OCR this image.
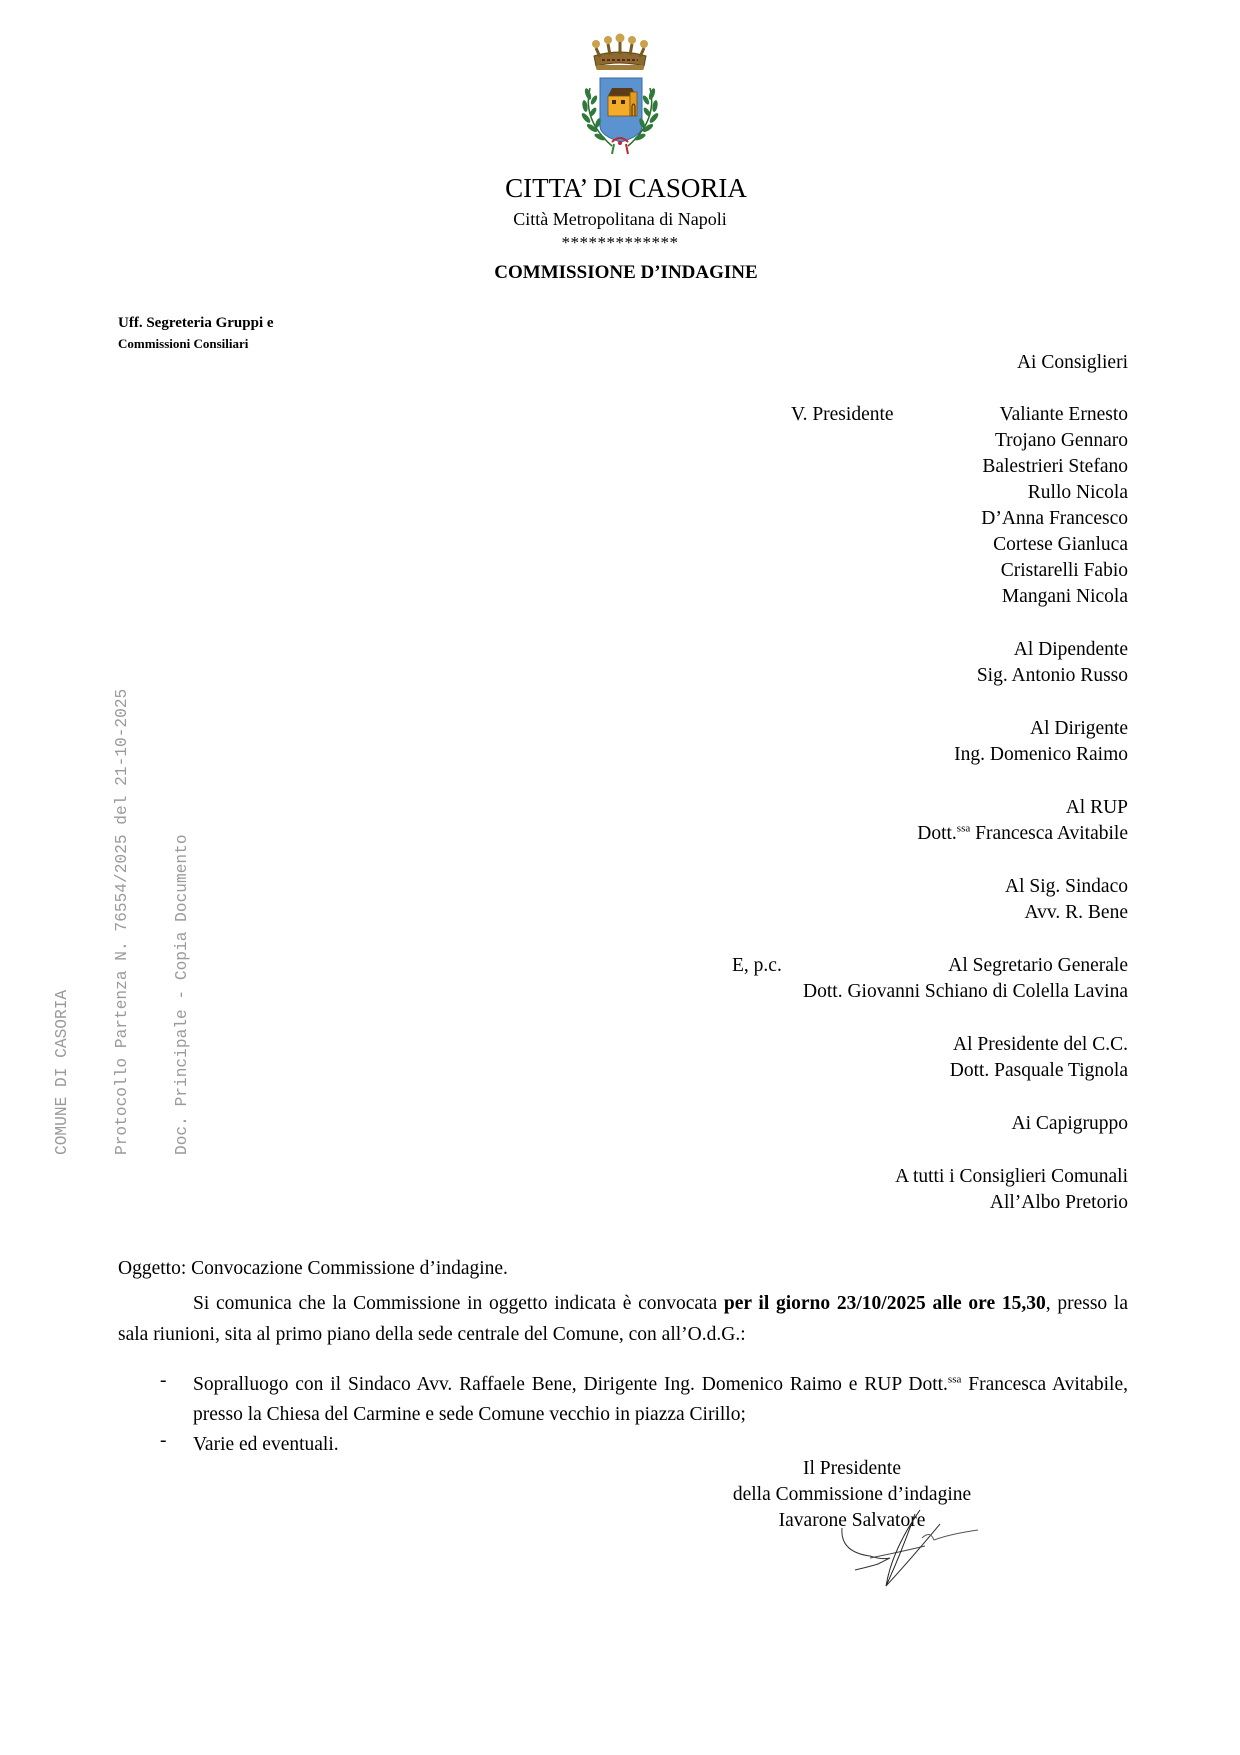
CITTA’ DI CASORIA
Città Metropolitana di Napoli
*************
COMMISSIONE D’INDAGINE
Uff. Segreteria Gruppi e
Commissioni Consiliari
Ai Consiglieri
V. Presidente	Valiante Ernesto
Trojano Gennaro
Balestrieri Stefano
Rullo Nicola
D’Anna Francesco
Cortese Gianluca
Cristarelli Fabio
Mangani Nicola
Al Dipendente
Sig. Antonio Russo
Al Dirigente
Ing. Domenico Raimo
Al RUP
Dott.$^{ssa}$ Francesca Avitabile
Al Sig. Sindaco
Avv. R. Bene
E, p.c.	Al Segretario Generale
Dott. Giovanni Schiano di Colella Lavina
Al Presidente del C.C.
Dott. Pasquale Tignola
Ai Capigruppo
A tutti i Consiglieri Comunali
All’Albo Pretorio
Oggetto: Convocazione Commissione d’indagine.
Si comunica che la Commissione in oggetto indicata è convocata per il giorno 23/10/2025 alle ore 15,30, presso la sala riunioni, sita al primo piano della sede centrale del Comune, con all’O.d.G.:
- Sopralluogo con il Sindaco Avv. Raffaele Bene, Dirigente Ing. Domenico Raimo e RUP Dott.$^{ssa}$ Francesca Avitabile, presso la Chiesa del Carmine e sede Comune vecchio in piazza Cirillo;
- Varie ed eventuali.
Il Presidente
della Commissione d’indagine
Iavarone Salvatore

COMUNE DI CASORIA

	Protocollo Partenza N. 76554/2025 del 21-10-2025

	Doc. Principale - Copia Documento
